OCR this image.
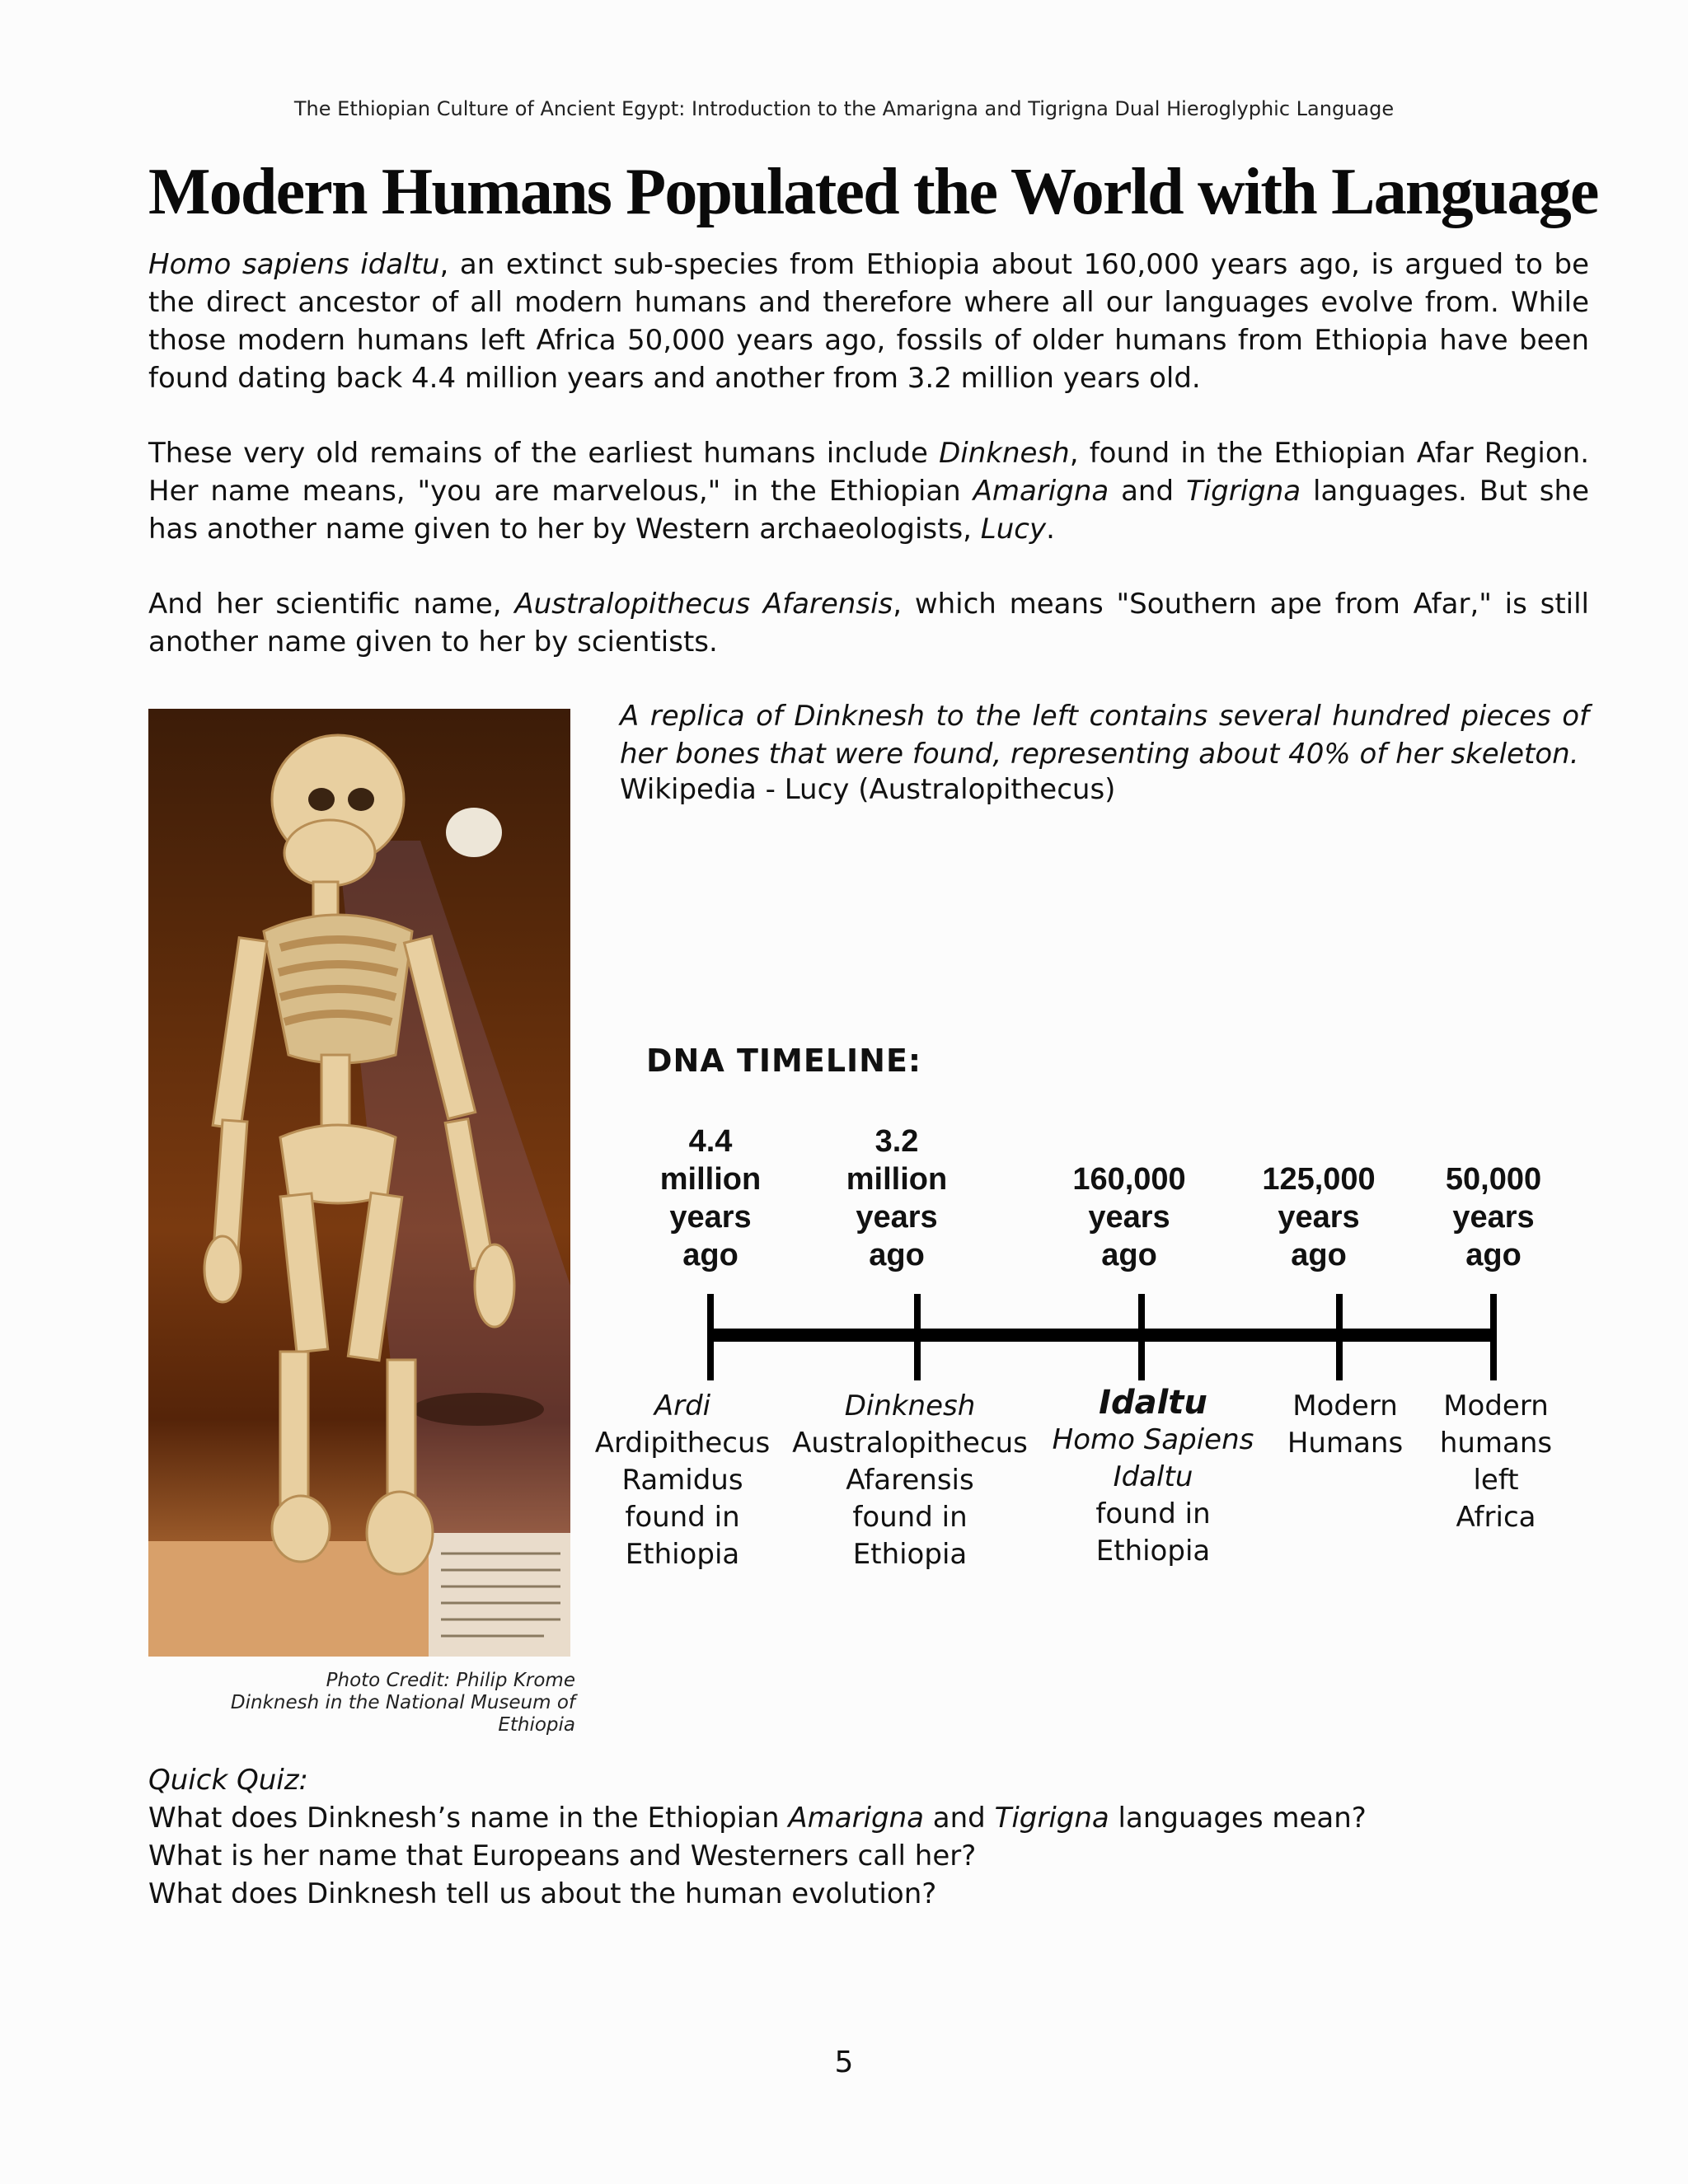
The Ethiopian Culture of Ancient Egypt: Introduction to the Amarigna and Tigrigna Dual Hieroglyphic Language
Modern Humans Populated the World with Language

Homo sapiens idaltu, an extinct sub-species from Ethiopia about 160,000 years ago, is argued to be the direct ancestor of all modern humans and therefore where all our languages evolve from. While those modern humans left Africa 50,000 years ago, fossils of older humans from Ethiopia have been found dating back 4.4 million years and another from 3.2 million years old.

These very old remains of the earliest humans include Dinknesh, found in the Ethiopian Afar Region. Her name means, "you are marvelous," in the Ethiopian Amarigna and Tigrigna languages. But she has another name given to her by Western archaeologists, Lucy.

And her scientific name, Australopithecus Afarensis, which means "Southern ape from Afar," is still another name given to her by scientists.

Photo Credit: Philip Krome
Dinknesh in the National Museum of Ethiopia

A replica of Dinknesh to the left contains several hundred pieces of her bones that were found, representing about 40% of her skeleton.

Wikipedia - Lucy (Australopithecus)
DNA TIMELINE:
4.4
million
years
ago
3.2
million
years
ago
160,000
years
ago
125,000
years
ago
50,000
years
ago
Ardi
Ardipithecus
Ramidus
found in
Ethiopia
Dinknesh
Australopithecus
Afarensis
found in
Ethiopia
Idaltu
Homo Sapiens
Idaltu
found in
Ethiopia
Modern
Humans
Modern
humans
left
Africa
Quick Quiz:
What does Dinknesh’s name in the Ethiopian Amarigna and Tigrigna languages mean?
What is her name that Europeans and Westerners call her?
What does Dinknesh tell us about the human evolution?
5
